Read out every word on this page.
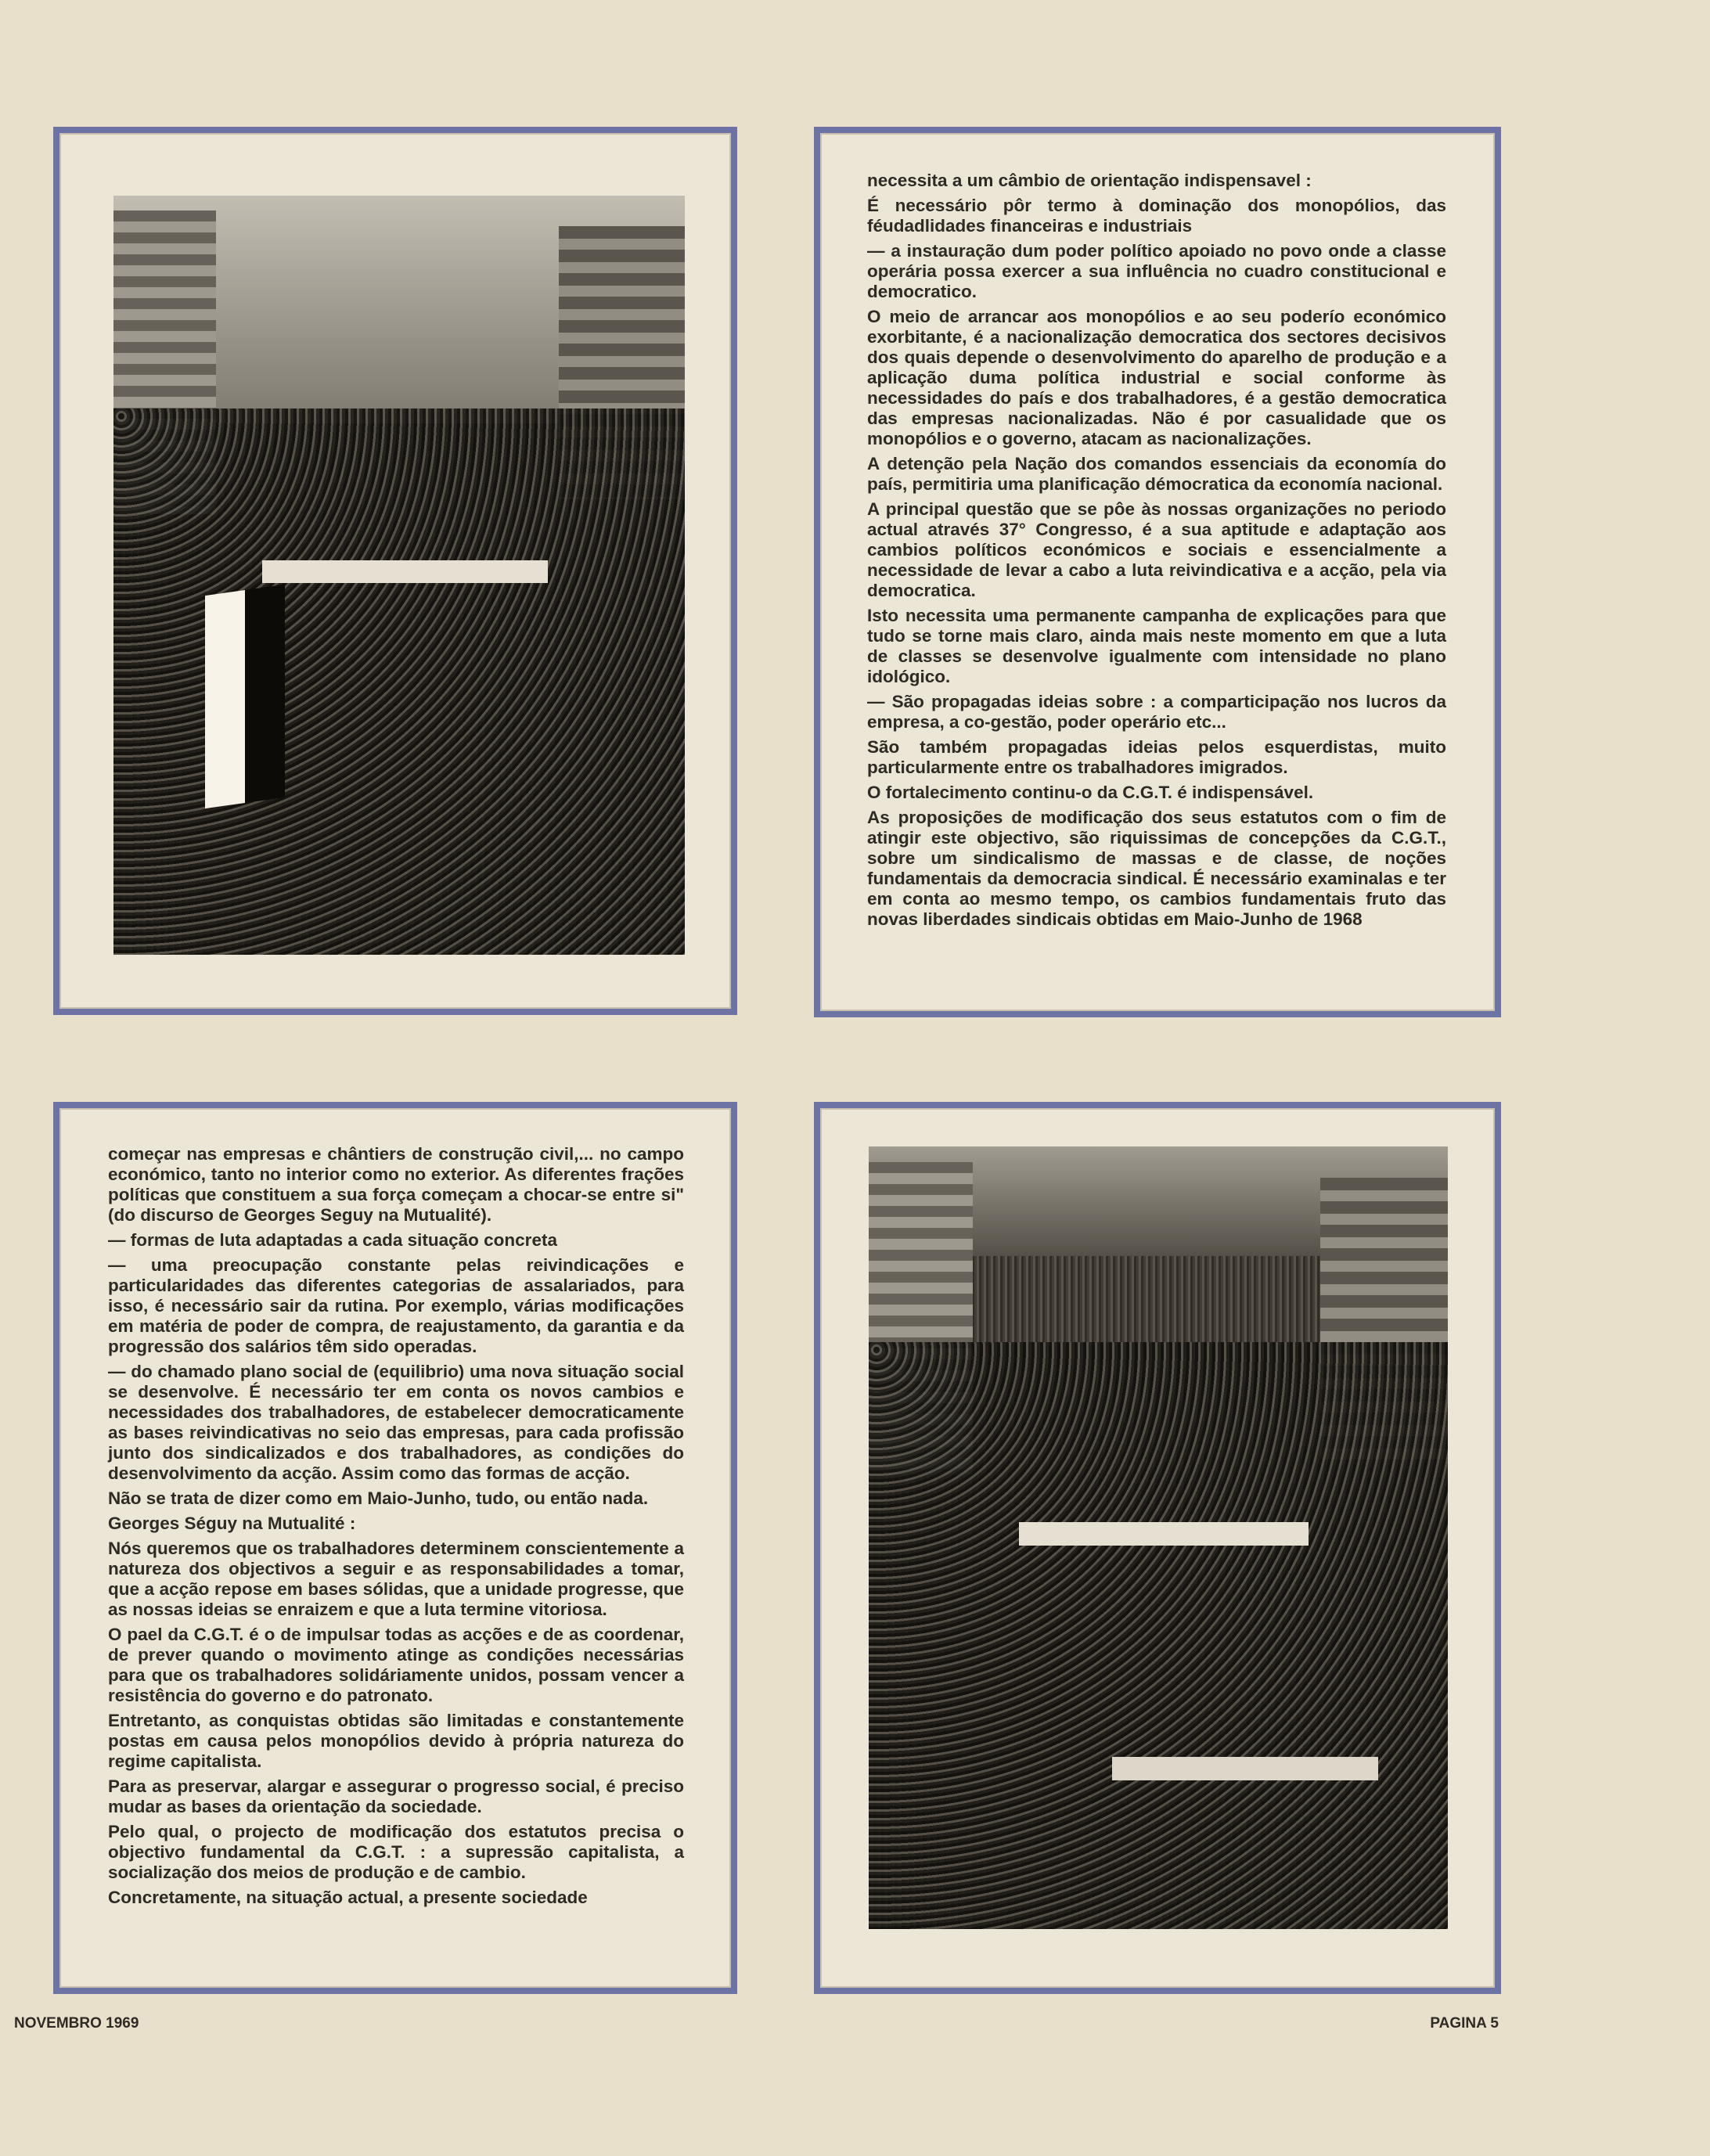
necessita a um câmbio de orientação indispensavel :

É necessário pôr termo à dominação dos monopólios, das féudadlidades financeiras e industriais

— a instauração dum poder político apoiado no povo onde a classe operária possa exercer a sua influência no cuadro constitucional e democratico.

O meio de arrancar aos monopólios e ao seu poderío económico exorbitante, é a nacionalização democratica dos sectores decisivos dos quais depende o desenvolvimento do aparelho de produção e a aplicação duma política industrial e social conforme às necessidades do país e dos trabalhadores, é a gestão democratica das empresas nacionalizadas. Não é por casualidade que os monopólios e o governo, atacam as nacionalizações.

A detenção pela Nação dos comandos essenciais da economía do país, permitiria uma planificação démocratica da economía nacional.

A principal questão que se pôe às nossas organizações no periodo actual através 37° Congresso, é a sua aptitude e adaptação aos cambios políticos económicos e sociais e essencialmente a necessidade de levar a cabo a luta reivindicativa e a acção, pela via democratica.

Isto necessita uma permanente campanha de explicações para que tudo se torne mais claro, ainda mais neste momento em que a luta de classes se desenvolve igualmente com intensidade no plano idológico.

— São propagadas ideias sobre : a comparticipação nos lucros da empresa, a co-gestão, poder operário etc...

São também propagadas ideias pelos esquerdistas, muito particularmente entre os trabalhadores imigrados.

O fortalecimento continu-o da C.G.T. é indispensável.

As proposições de modificação dos seus estatutos com o fim de atingir este objectivo, são riquissimas de concepções da C.G.T., sobre um sindicalismo de massas e de classe, de noções fundamentais da democracia sindical. É necessário examinalas e ter em conta ao mesmo tempo, os cambios fundamentais fruto das novas liberdades sindicais obtidas em Maio-Junho de 1968

começar nas empresas e chântiers de construção civil,... no campo económico, tanto no interior como no exterior. As diferentes frações políticas que constituem a sua força começam a chocar-se entre si" (do discurso de Georges Seguy na Mutualité).

— formas de luta adaptadas a cada situação concreta

— uma preocupação constante pelas reivindicações e particularidades das diferentes categorias de assalariados, para isso, é necessário sair da rutina. Por exemplo, várias modificações em matéria de poder de compra, de reajustamento, da garantia e da progressão dos salários têm sido operadas.

— do chamado plano social de (equilibrio) uma nova situação social se desenvolve. É necessário ter em conta os novos cambios e necessidades dos trabalhadores, de estabelecer democraticamente as bases reivindicativas no seio das empresas, para cada profissão junto dos sindicalizados e dos trabalhadores, as condições do desenvolvimento da acção. Assim como das formas de acção.

Não se trata de dizer como em Maio-Junho, tudo, ou então nada.

Georges Séguy na Mutualité :

Nós queremos que os trabalhadores determinem conscientemente a natureza dos objectivos a seguir e as responsabilidades a tomar, que a acção repose em bases sólidas, que a unidade progresse, que as nossas ideias se enraizem e que a luta termine vitoriosa.

O pael da C.G.T. é o de impulsar todas as acções e de as coordenar, de prever quando o movimento atinge as condições necessárias para que os trabalhadores solidáriamente unidos, possam vencer a resistência do governo e do patronato.

Entretanto, as conquistas obtidas são limitadas e constantemente postas em causa pelos monopólios devido à própria natureza do regime capitalista.

Para as preservar, alargar e assegurar o progresso social, é preciso mudar as bases da orientação da sociedade.

Pelo qual, o projecto de modificação dos estatutos precisa o objectivo fundamental da C.G.T. : a supressão capitalista, a socialização dos meios de produção e de cambio.

Concretamente, na situação actual, a presente sociedade

NOVEMBRO 1969	PAGINA 5
